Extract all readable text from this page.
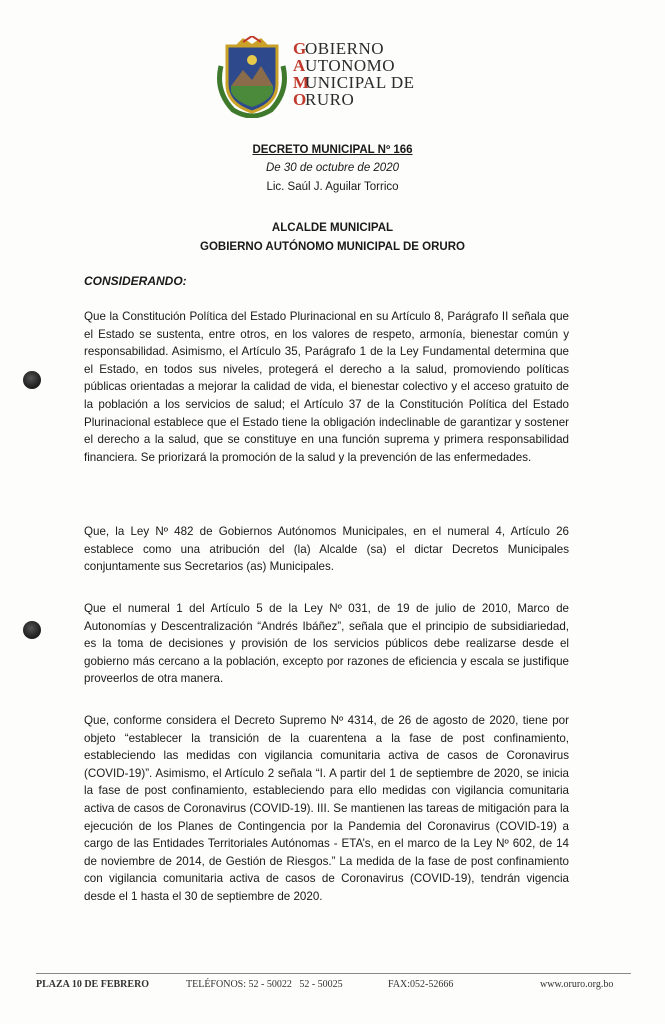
G
A
M
O
OBIERNO
UTONOMO
UNICIPAL DE
RURO
DECRETO MUNICIPAL Nº 166
De 30 de octubre de 2020
Lic. Saúl J. Aguilar Torrico
ALCALDE MUNICIPAL
GOBIERNO AUTÓNOMO MUNICIPAL DE ORURO
CONSIDERANDO:

Que la Constitución Política del Estado Plurinacional en su Artículo 8, Parágrafo II señala que el Estado se sustenta, entre otros, en los valores de respeto, armonía, bienestar común y responsabilidad. Asimismo, el Artículo 35, Parágrafo 1 de la Ley Fundamental determina que el Estado, en todos sus niveles, protegerá el derecho a la salud, promoviendo políticas públicas orientadas a mejorar la calidad de vida, el bienestar colectivo y el acceso gratuito de la población a los servicios de salud; el Artículo 37 de la Constitución Política del Estado Plurinacional establece que el Estado tiene la obligación indeclinable de garantizar y sostener el derecho a la salud, que se constituye en una función suprema y primera responsabilidad financiera. Se priorizará la promoción de la salud y la prevención de las enfermedades.

Que, la Ley Nº 482 de Gobiernos Autónomos Municipales, en el numeral 4, Artículo 26 establece como una atribución del (la) Alcalde (sa) el dictar Decretos Municipales conjuntamente sus Secretarios (as) Municipales.

Que el numeral 1 del Artículo 5 de la Ley Nº 031, de 19 de julio de 2010, Marco de Autonomías y Descentralización “Andrés Ibáñez”, señala que el principio de subsidiariedad, es la toma de decisiones y provisión de los servicios públicos debe realizarse desde el gobierno más cercano a la población, excepto por razones de eficiencia y escala se justifique proveerlos de otra manera.

Que, conforme considera el Decreto Supremo Nº 4314, de 26 de agosto de 2020, tiene por objeto “establecer la transición de la cuarentena a la fase de post confinamiento, estableciendo las medidas con vigilancia comunitaria activa de casos de Coronavirus (COVID-19)”. Asimismo, el Artículo 2 señala “I. A partir del 1 de septiembre de 2020, se inicia la fase de post confinamiento, estableciendo para ello medidas con vigilancia comunitaria activa de casos de Coronavirus (COVID-19). III. Se mantienen las tareas de mitigación para la ejecución de los Planes de Contingencia por la Pandemia del Coronavirus (COVID-19) a cargo de las Entidades Territoriales Autónomas - ETA’s, en el marco de la Ley Nº 602, de 14 de noviembre de 2014, de Gestión de Riesgos.” La medida de la fase de post confinamiento con vigilancia comunitaria activa de casos de Coronavirus (COVID-19), tendrán vigencia desde el 1 hasta el 30 de septiembre de 2020.

PLAZA 10 DE FEBRERO	TELÉFONOS: 52 - 50022   52 - 50025	FAX:052-52666	www.oruro.org.bo
